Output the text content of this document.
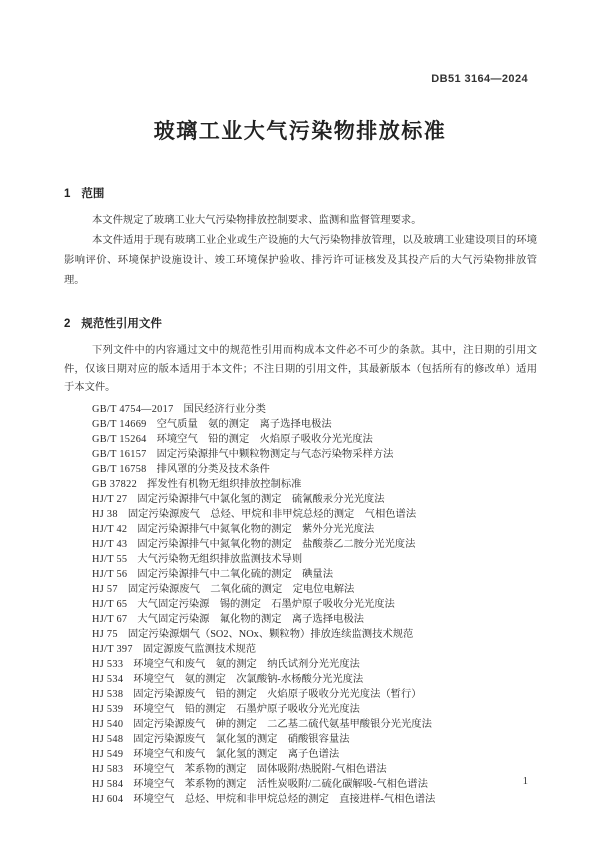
DB51 3164—2024
玻璃工业大气污染物排放标准
1 范围

本文件规定了玻璃工业大气污染物排放控制要求、监测和监督管理要求。

本文件适用于现有玻璃工业企业或生产设施的大气污染物排放管理，以及玻璃工业建设项目的环境影响评价、环境保护设施设计、竣工环境保护验收、排污许可证核发及其投产后的大气污染物排放管理。

2 规范性引用文件

下列文件中的内容通过文中的规范性引用而构成本文件必不可少的条款。其中，注日期的引用文件，仅该日期对应的版本适用于本文件；不注日期的引用文件，其最新版本（包括所有的修改单）适用于本文件。

GB/T 4754—2017 国民经济行业分类
GB/T 14669 空气质量　氨的测定　离子选择电极法
GB/T 15264 环境空气　铅的测定　火焰原子吸收分光光度法
GB/T 16157 固定污染源排气中颗粒物测定与气态污染物采样方法
GB/T 16758 排风罩的分类及技术条件
GB 37822 挥发性有机物无组织排放控制标准
HJ/T 27 固定污染源排气中氯化氢的测定　硫氰酸汞分光光度法
HJ 38 固定污染源废气　总烃、甲烷和非甲烷总烃的测定　气相色谱法
HJ/T 42 固定污染源排气中氮氧化物的测定　紫外分光光度法
HJ/T 43 固定污染源排气中氮氧化物的测定　盐酸萘乙二胺分光光度法
HJ/T 55 大气污染物无组织排放监测技术导则
HJ/T 56 固定污染源排气中二氧化硫的测定　碘量法
HJ 57 固定污染源废气　二氧化硫的测定　定电位电解法
HJ/T 65 大气固定污染源　锡的测定　石墨炉原子吸收分光光度法
HJ/T 67 大气固定污染源　氟化物的测定　离子选择电极法
HJ 75 固定污染源烟气（SO2、NOx、颗粒物）排放连续监测技术规范
HJ/T 397 固定源废气监测技术规范
HJ 533 环境空气和废气　氨的测定　纳氏试剂分光光度法
HJ 534 环境空气　氨的测定　次氯酸钠-水杨酸分光光度法
HJ 538 固定污染源废气　铅的测定　火焰原子吸收分光光度法（暂行）
HJ 539 环境空气　铅的测定　石墨炉原子吸收分光光度法
HJ 540 固定污染源废气　砷的测定　二乙基二硫代氨基甲酸银分光光度法
HJ 548 固定污染源废气　氯化氢的测定　硝酸银容量法
HJ 549 环境空气和废气　氯化氢的测定　离子色谱法
HJ 583 环境空气　苯系物的测定　固体吸附/热脱附-气相色谱法
HJ 584 环境空气　苯系物的测定　活性炭吸附/二硫化碳解吸-气相色谱法
HJ 604 环境空气　总烃、甲烷和非甲烷总烃的测定　直接进样-气相色谱法
1
